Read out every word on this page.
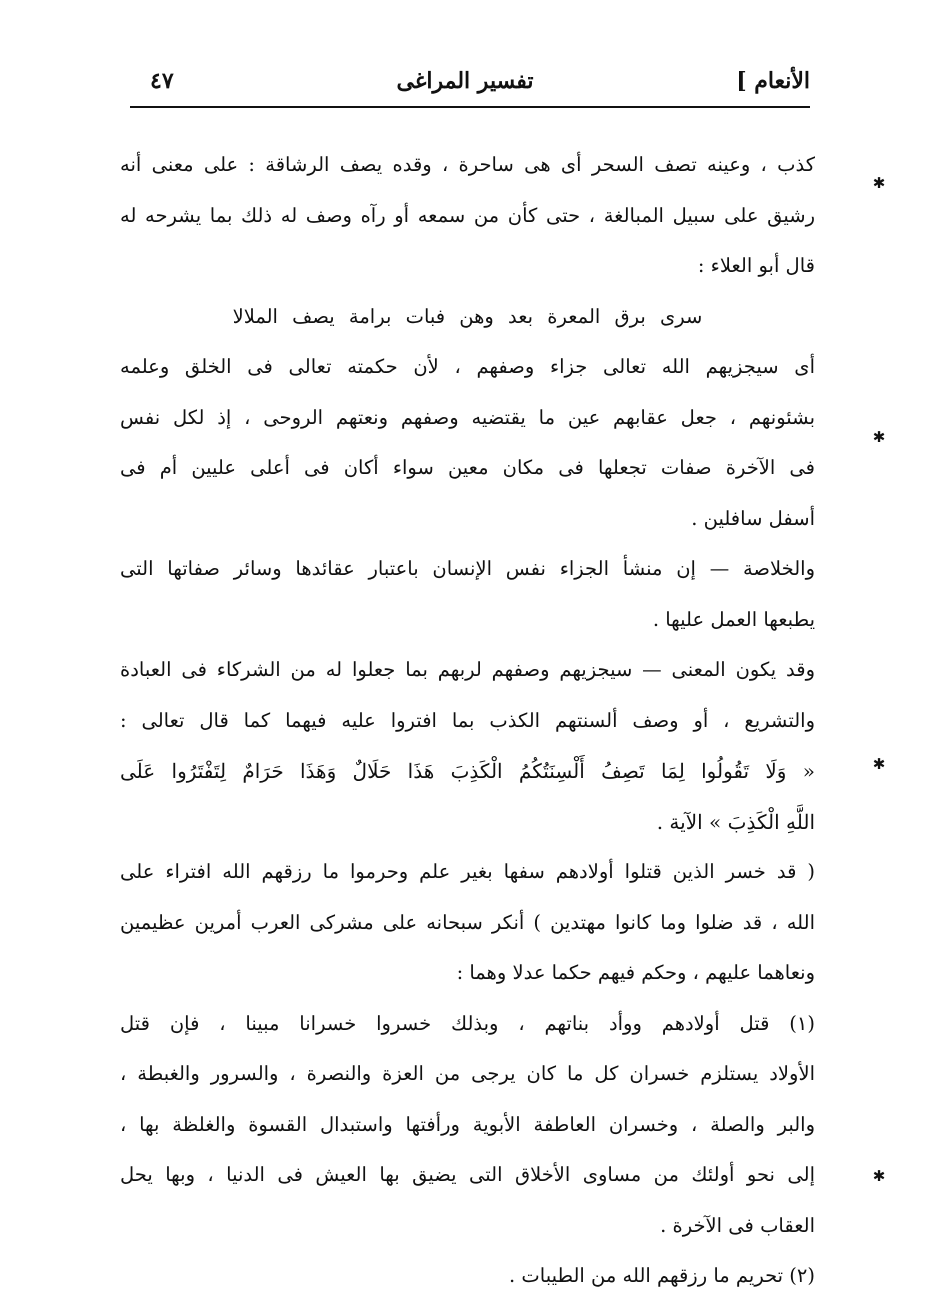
الأنعام ]
تفسير المراغى
٤٧
كذب ، وعينه تصف السحر أى هى ساحرة ، وقده يصف الرشاقة : على معنى أنه
رشيق على سبيل المبالغة ، حتى كأن من سمعه أو رآه وصف له ذلك بما يشرحه له
قال أبو العلاء :
سرى برق المعرة بعد وهن فبات برامة يصف الملالا
أى سيجزيهم الله تعالى جزاء وصفهم ، لأن حكمته تعالى فى الخلق وعلمه
بشئونهم ، جعل عقابهم عين ما يقتضيه وصفهم ونعتهم الروحى ، إذ لكل نفس
فى الآخرة صفات تجعلها فى مكان معين سواء أكان فى أعلى عليين أم فى
أسفل سافلين .
والخلاصة — إن منشأ الجزاء نفس الإنسان باعتبار عقائدها وسائر صفاتها التى
يطبعها العمل عليها .
وقد يكون المعنى — سيجزيهم وصفهم لربهم بما جعلوا له من الشركاء فى العبادة
والتشريع ، أو وصف ألسنتهم الكذب بما افتروا عليه فيهما كما قال تعالى :
« وَلَا تَقُولُوا لِمَا تَصِفُ أَلْسِنَتُكُمُ الْكَذِبَ هَذَا حَلَالٌ وَهَذَا حَرَامٌ لِتَفْتَرُوا عَلَى
اللَّهِ الْكَذِبَ » الآية .
( قد خسر الذين قتلوا أولادهم سفها بغير علم وحرموا ما رزقهم الله افتراء على
الله ، قد ضلوا وما كانوا مهتدين ) أنكر سبحانه على مشركى العرب أمرين عظيمين
ونعاهما عليهم ، وحكم فيهم حكما عدلا وهما :
(١) قتل أولادهم ووأد بناتهم ، وبذلك خسروا خسرانا مبينا ، فإن قتل
الأولاد يستلزم خسران كل ما كان يرجى من العزة والنصرة ، والسرور والغبطة ،
والبر والصلة ، وخسران العاطفة الأبوية ورأفتها واستبدال القسوة والغلظة بها ،
إلى نحو أولئك من مساوى الأخلاق التى يضيق بها العيش فى الدنيا ، وبها يحل
العقاب فى الآخرة .
(٢) تحريم ما رزقهم الله من الطيبات .
✱
✱
✱
✱
